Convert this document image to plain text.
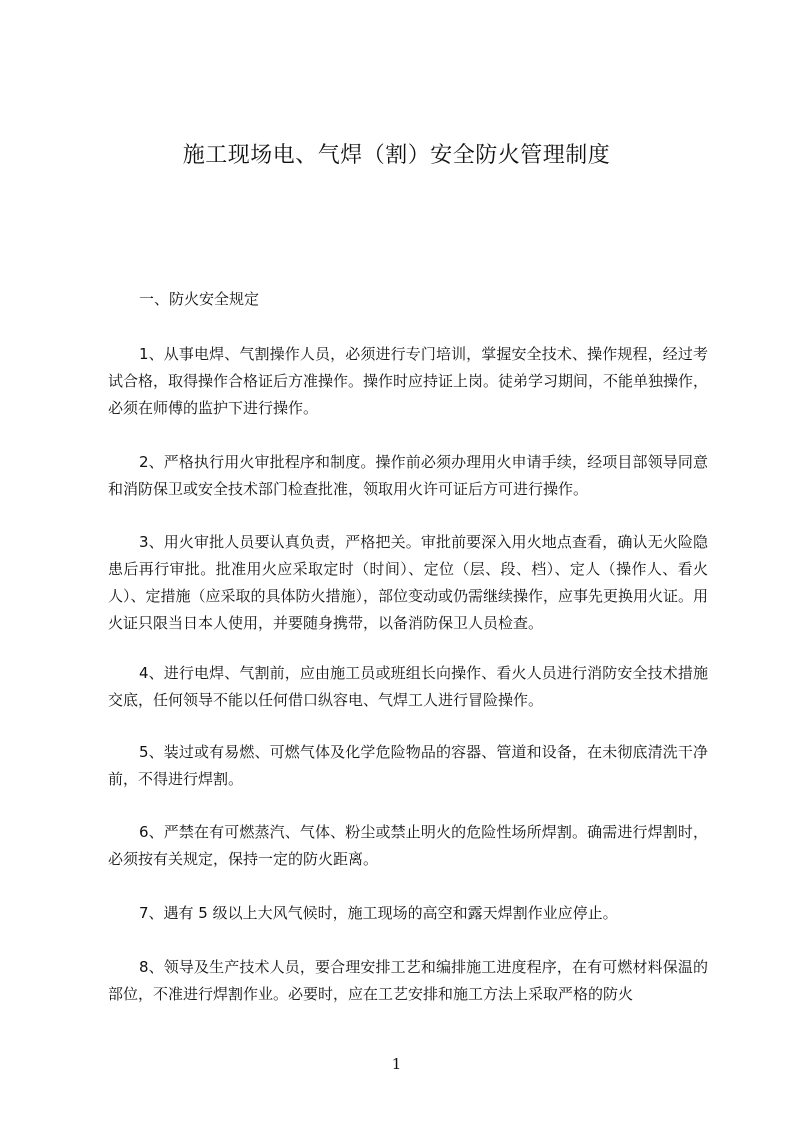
施工现场电、气焊（割）安全防火管理制度

一、防火安全规定

1、从事电焊、气割操作人员，必须进行专门培训，掌握安全技术、操作规程，经过考试合格，取得操作合格证后方准操作。操作时应持证上岗。徒弟学习期间，不能单独操作，必须在师傅的监护下进行操作。

2、严格执行用火审批程序和制度。操作前必须办理用火申请手续，经项目部领导同意和消防保卫或安全技术部门检查批准，领取用火许可证后方可进行操作。

3、用火审批人员要认真负责，严格把关。审批前要深入用火地点查看，确认无火险隐患后再行审批。批准用火应采取定时（时间）、定位（层、段、档）、定人（操作人、看火人）、定措施（应采取的具体防火措施），部位变动或仍需继续操作，应事先更换用火证。用火证只限当日本人使用，并要随身携带，以备消防保卫人员检查。

4、进行电焊、气割前，应由施工员或班组长向操作、看火人员进行消防安全技术措施交底，任何领导不能以任何借口纵容电、气焊工人进行冒险操作。

5、装过或有易燃、可燃气体及化学危险物品的容器、管道和设备，在未彻底清洗干净前，不得进行焊割。

6、严禁在有可燃蒸汽、气体、粉尘或禁止明火的危险性场所焊割。确需进行焊割时，必须按有关规定，保持一定的防火距离。

7、遇有 5 级以上大风气候时，施工现场的高空和露天焊割作业应停止。

8、领导及生产技术人员，要合理安排工艺和编排施工进度程序，在有可燃材料保温的部位，不准进行焊割作业。必要时，应在工艺安排和施工方法上采取严格的防火

1
